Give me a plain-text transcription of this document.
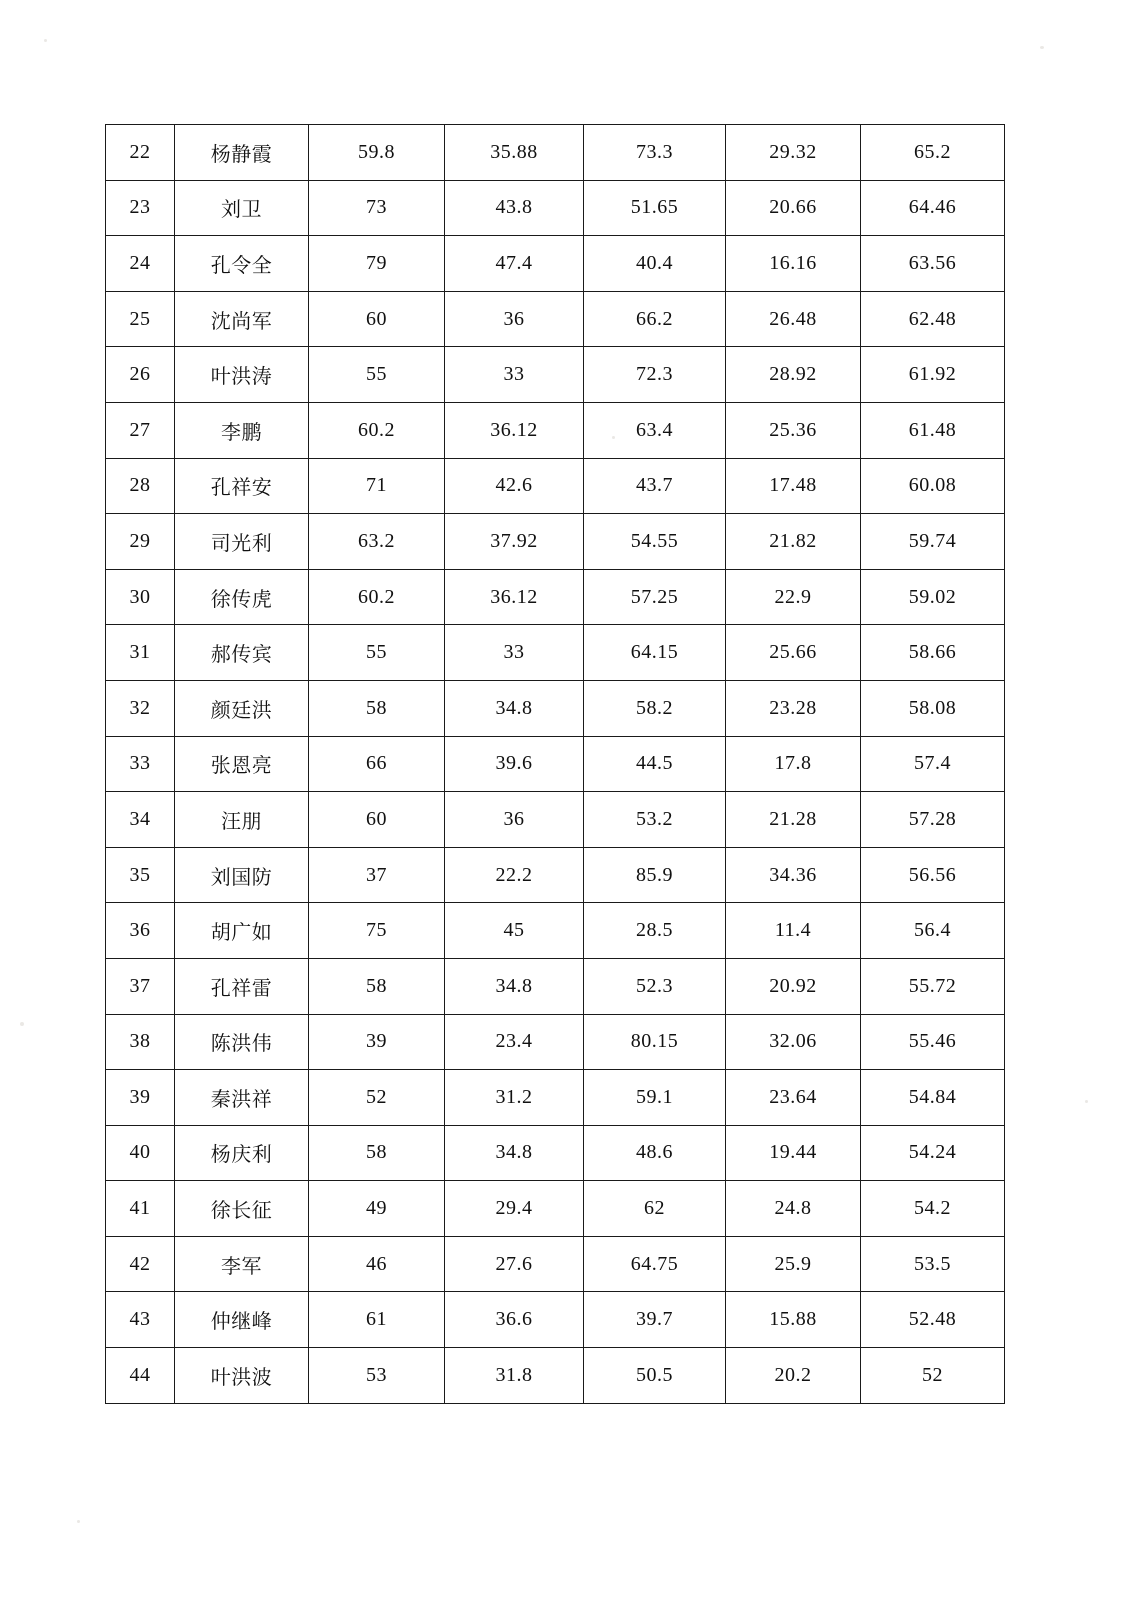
22	杨静霞	59.8	35.88	73.3	29.32	65.2
23	刘卫	73	43.8	51.65	20.66	64.46
24	孔令全	79	47.4	40.4	16.16	63.56
25	沈尚军	60	36	66.2	26.48	62.48
26	叶洪涛	55	33	72.3	28.92	61.92
27	李鹏	60.2	36.12	63.4	25.36	61.48
28	孔祥安	71	42.6	43.7	17.48	60.08
29	司光利	63.2	37.92	54.55	21.82	59.74
30	徐传虎	60.2	36.12	57.25	22.9	59.02
31	郝传宾	55	33	64.15	25.66	58.66
32	颜廷洪	58	34.8	58.2	23.28	58.08
33	张恩亮	66	39.6	44.5	17.8	57.4
34	汪朋	60	36	53.2	21.28	57.28
35	刘国防	37	22.2	85.9	34.36	56.56
36	胡广如	75	45	28.5	11.4	56.4
37	孔祥雷	58	34.8	52.3	20.92	55.72
38	陈洪伟	39	23.4	80.15	32.06	55.46
39	秦洪祥	52	31.2	59.1	23.64	54.84
40	杨庆利	58	34.8	48.6	19.44	54.24
41	徐长征	49	29.4	62	24.8	54.2
42	李军	46	27.6	64.75	25.9	53.5
43	仲继峰	61	36.6	39.7	15.88	52.48
44	叶洪波	53	31.8	50.5	20.2	52
